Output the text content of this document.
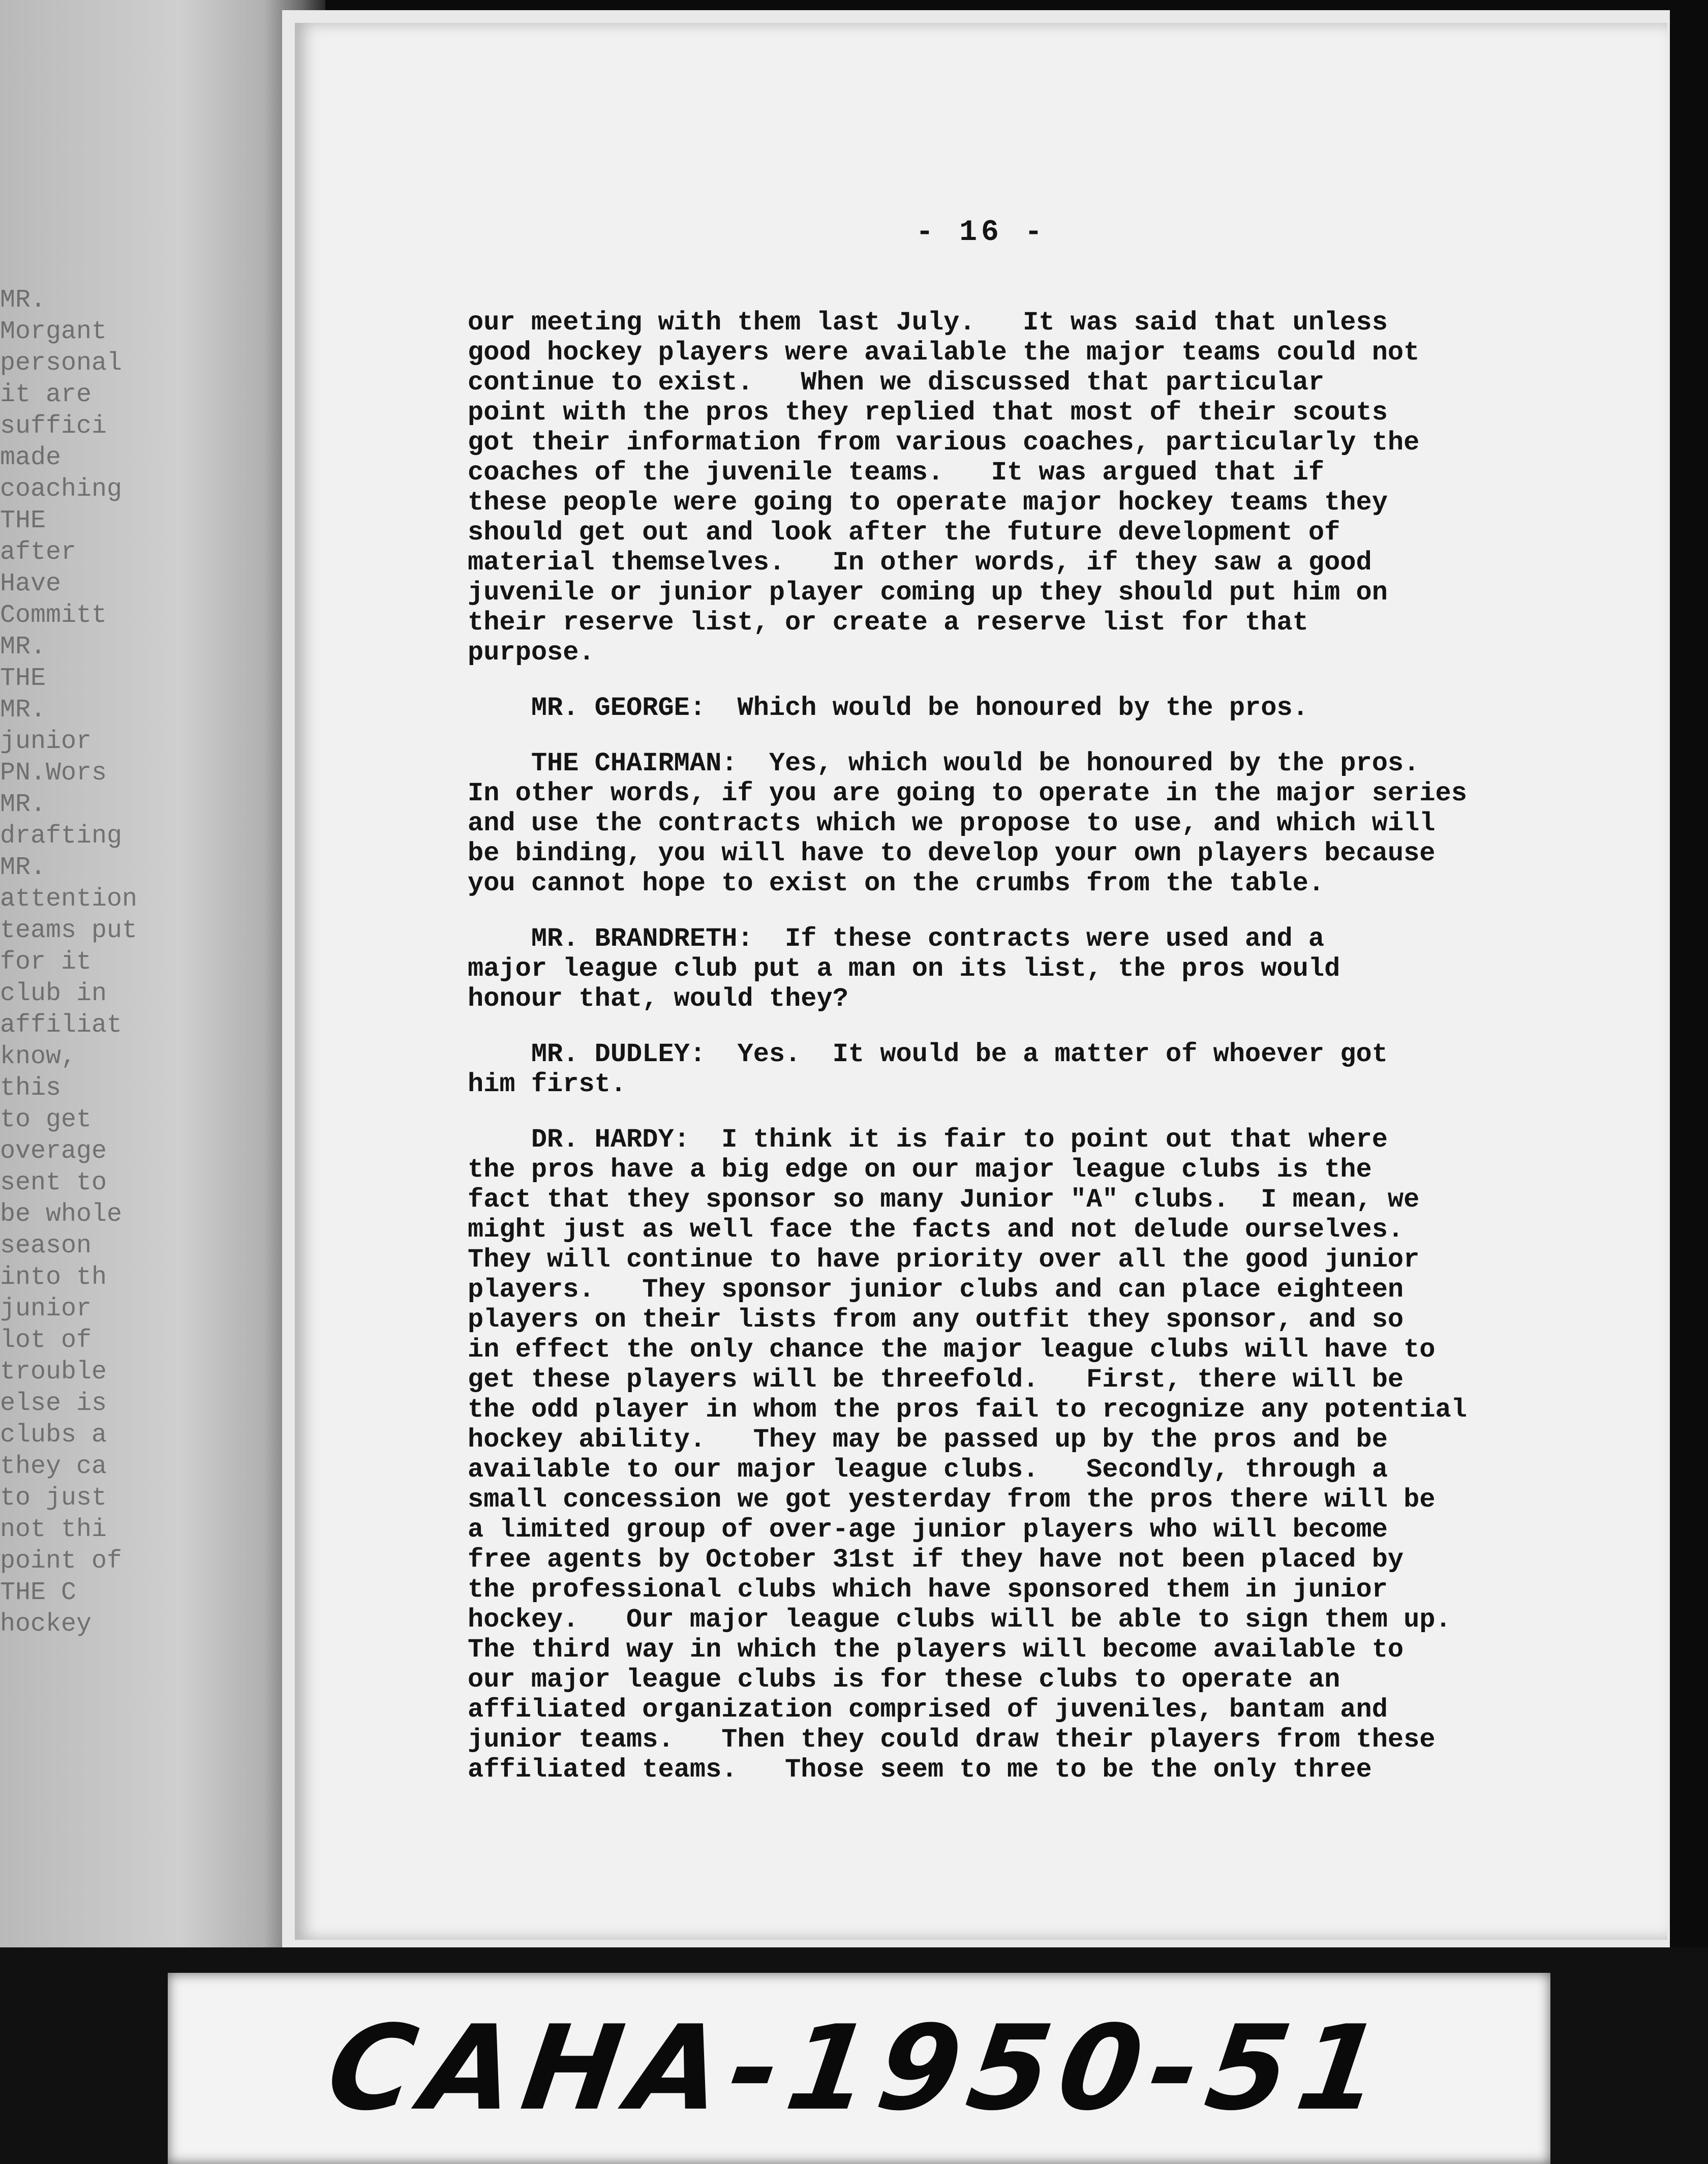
MR.
Morgant
personal
it are
suffici
made
coaching
THE
after
Have
Committ
MR.
THE
MR.
junior
PN.Wors
MR.
drafting
MR.
attention
teams put
for it
club in
affiliat
know,
this
to get
overage
sent to
be whole
season
into th
junior
lot of
trouble
else is
clubs a
they ca
to just
not thi
point of
THE C
hockey
- 16 -
our meeting with them last July.   It was said that unless
good hockey players were available the major teams could not
continue to exist.   When we discussed that particular
point with the pros they replied that most of their scouts
got their information from various coaches, particularly the
coaches of the juvenile teams.   It was argued that if
these people were going to operate major hockey teams they
should get out and look after the future development of
material themselves.   In other words, if they saw a good
juvenile or junior player coming up they should put him on
their reserve list, or create a reserve list for that
purpose.
MR. GEORGE:  Which would be honoured by the pros.
THE CHAIRMAN:  Yes, which would be honoured by the pros.
In other words, if you are going to operate in the major series
and use the contracts which we propose to use, and which will
be binding, you will have to develop your own players because
you cannot hope to exist on the crumbs from the table.
MR. BRANDRETH:  If these contracts were used and a
major league club put a man on its list, the pros would
honour that, would they?
MR. DUDLEY:  Yes.  It would be a matter of whoever got
him first.
DR. HARDY:  I think it is fair to point out that where
the pros have a big edge on our major league clubs is the
fact that they sponsor so many Junior "A" clubs.  I mean, we
might just as well face the facts and not delude ourselves.
They will continue to have priority over all the good junior
players.   They sponsor junior clubs and can place eighteen
players on their lists from any outfit they sponsor, and so
in effect the only chance the major league clubs will have to
get these players will be threefold.   First, there will be
the odd player in whom the pros fail to recognize any potential
hockey ability.   They may be passed up by the pros and be
available to our major league clubs.   Secondly, through a
small concession we got yesterday from the pros there will be
a limited group of over-age junior players who will become
free agents by October 31st if they have not been placed by
the professional clubs which have sponsored them in junior
hockey.   Our major league clubs will be able to sign them up.
The third way in which the players will become available to
our major league clubs is for these clubs to operate an
affiliated organization comprised of juveniles, bantam and
junior teams.   Then they could draw their players from these
affiliated teams.   Those seem to me to be the only three
CAHA-1950-51
